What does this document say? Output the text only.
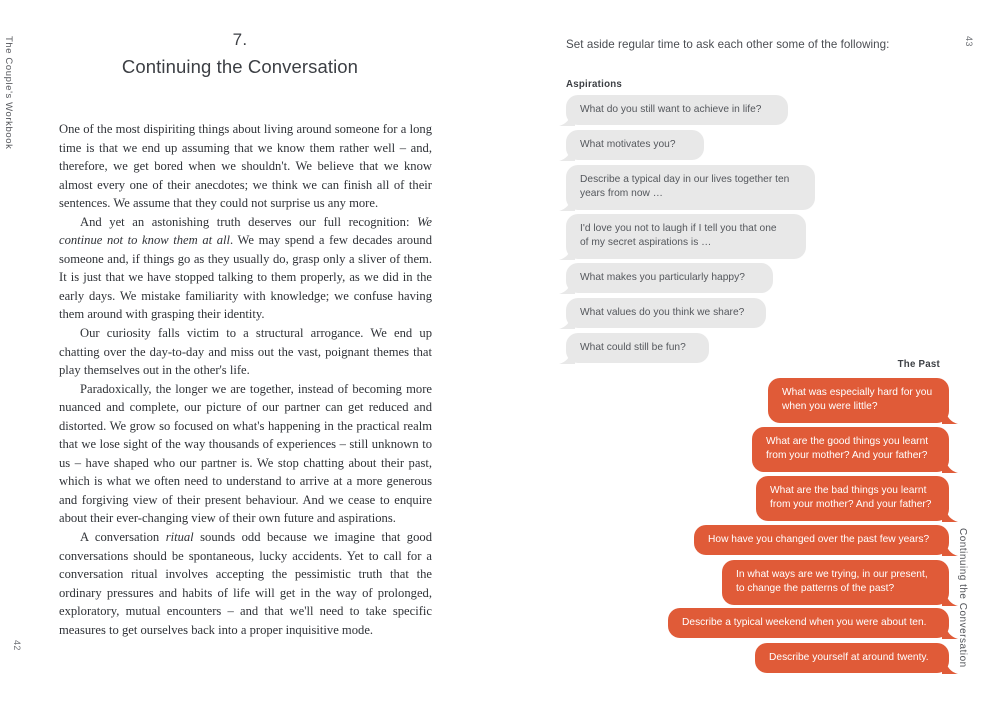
The Couple's Workbook
42
7.
Continuing the Conversation

One of the most dispiriting things about living around someone for a long time is that we end up assuming that we know them rather well – and, therefore, we get bored when we shouldn't. We believe that we know almost every one of their anecdotes; we think we can finish all of their sentences. We assume that they could not surprise us any more.

And yet an astonishing truth deserves our full recognition: We continue not to know them at all. We may spend a few decades around someone and, if things go as they usually do, grasp only a sliver of them. It is just that we have stopped talking to them properly, as we did in the early days. We mistake familiarity with knowledge; we confuse having them around with grasping their identity.

Our curiosity falls victim to a structural arrogance. We end up chatting over the day-to-day and miss out the vast, poignant themes that play themselves out in the other's life.

Paradoxically, the longer we are together, instead of becoming more nuanced and complete, our picture of our partner can get reduced and distorted. We grow so focused on what's happening in the practical realm that we lose sight of the way thousands of experiences – still unknown to us – have shaped who our partner is. We stop chatting about their past, which is what we often need to understand to arrive at a more generous and forgiving view of their present behaviour. And we cease to enquire about their ever-changing view of their own future and aspirations.

A conversation ritual sounds odd because we imagine that good conversations should be spontaneous, lucky accidents. Yet to call for a conversation ritual involves accepting the pessimistic truth that the ordinary pressures and habits of life will get in the way of prolonged, exploratory, mutual encounters – and that we'll need to take specific measures to get ourselves back into a proper inquisitive mode.	Continuing the Conversation
43
Set aside regular time to ask each other some of the following:
Aspirations
The Past
What do you still want to achieve in life?
What motivates you?
Describe a typical day in our lives together ten
years from now …
I'd love you not to laugh if I tell you that one
of my secret aspirations is …
What makes you particularly happy?
What values do you think we share?
What could still be fun?
What was especially hard for you
when you were little?
What are the good things you learnt
from your mother? And your father?
What are the bad things you learnt
from your mother? And your father?
How have you changed over the past few years?
In what ways are we trying, in our present,
to change the patterns of the past?
Describe a typical weekend when you were about ten.
Describe yourself at around twenty.
